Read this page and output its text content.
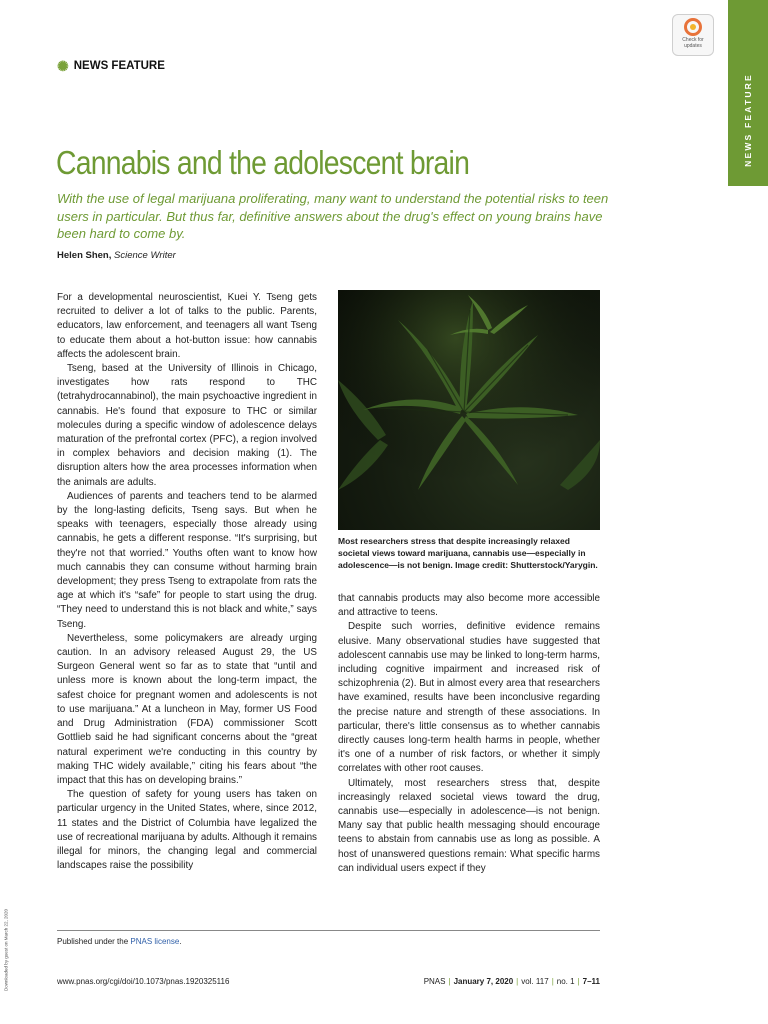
NEWS FEATURE
Check for
updates
✺ NEWS FEATURE
Cannabis and the adolescent brain

With the use of legal marijuana proliferating, many want to understand the potential risks to teen users in particular. But thus far, definitive answers about the drug's effect on young brains have been hard to come by.

Helen Shen, Science Writer

For a developmental neuroscientist, Kuei Y. Tseng gets recruited to deliver a lot of talks to the public. Parents, educators, law enforcement, and teenagers all want Tseng to educate them about a hot-button issue: how cannabis affects the adolescent brain.

Tseng, based at the University of Illinois in Chicago, investigates how rats respond to THC (tetrahydrocannabinol), the main psychoactive ingredient in cannabis. He's found that exposure to THC or similar molecules during a specific window of adolescence delays maturation of the prefrontal cortex (PFC), a region involved in complex behaviors and decision making (1). The disruption alters how the area processes information when the animals are adults.

Audiences of parents and teachers tend to be alarmed by the long-lasting deficits, Tseng says. But when he speaks with teenagers, especially those already using cannabis, he gets a different response. “It's surprising, but they're not that worried.” Youths often want to know how much cannabis they can consume without harming brain development; they press Tseng to extrapolate from rats the age at which it's “safe” for people to start using the drug. “They need to understand this is not black and white,” says Tseng.

Nevertheless, some policymakers are already urging caution. In an advisory released August 29, the US Surgeon General went so far as to state that “until and unless more is known about the long-term impact, the safest choice for pregnant women and adolescents is not to use marijuana.” At a luncheon in May, former US Food and Drug Administration (FDA) commissioner Scott Gottlieb said he had significant concerns about the “great natural experiment we're conducting in this country by making THC widely available,” citing his fears about “the impact that this has on developing brains.”

The question of safety for young users has taken on particular urgency in the United States, where, since 2012, 11 states and the District of Columbia have legalized the use of recreational marijuana by adults. Although it remains illegal for minors, the changing legal and commercial landscapes raise the possibility

Most researchers stress that despite increasingly relaxed societal views toward marijuana, cannabis use—especially in adolescence—is not benign. Image credit: Shutterstock/Yarygin.

that cannabis products may also become more accessible and attractive to teens.

Despite such worries, definitive evidence remains elusive. Many observational studies have suggested that adolescent cannabis use may be linked to long-term harms, including cognitive impairment and increased risk of schizophrenia (2). But in almost every area that researchers have examined, results have been inconclusive regarding the precise nature and strength of these associations. In particular, there's little consensus as to whether cannabis directly causes long-term health harms in people, whether it's one of a number of risk factors, or whether it simply correlates with other root causes.

Ultimately, most researchers stress that, despite increasingly relaxed societal views toward the drug, cannabis use—especially in adolescence—is not benign. Many say that public health messaging should encourage teens to abstain from cannabis use as long as possible. A host of unanswered questions remain: What specific harms can individual users expect if they

Published under the PNAS license.
www.pnas.org/cgi/doi/10.1073/pnas.1920325116	PNAS | January 7, 2020 | vol. 117 | no. 1 | 7–11
Downloaded by guest on March 22, 2020
